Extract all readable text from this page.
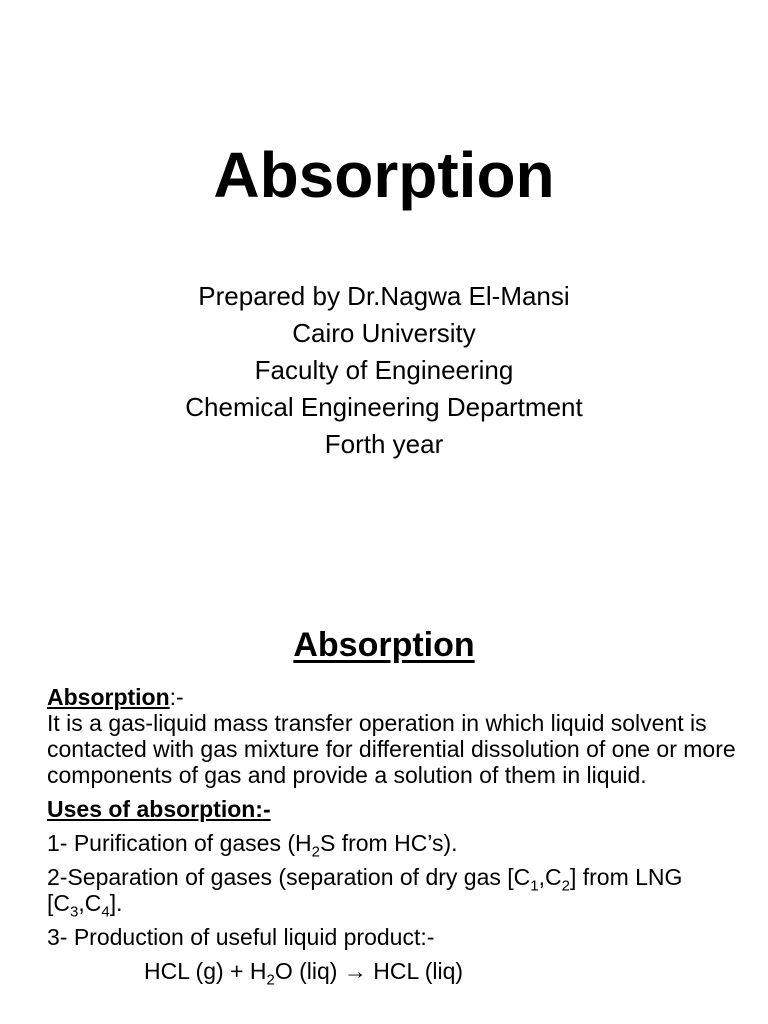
Absorption
Prepared by Dr.Nagwa El-Mansi
Cairo University
Faculty of Engineering
Chemical Engineering Department
Forth year
Absorption
Absorption:-
It is a gas-liquid mass transfer operation in which liquid solvent is contacted with gas mixture for differential dissolution of one or more components of gas and provide a solution of them in liquid.
Uses of absorption:-
1- Purification of gases ($H_2S$ from HC’s).
2-Separation of gases (separation of dry gas $[C_1,C_2]$ from LNG $[C_3,C_4]$.
3- Production of useful liquid product:-
HCL $(g) + H_2O$ (liq) → HCL (liq)
